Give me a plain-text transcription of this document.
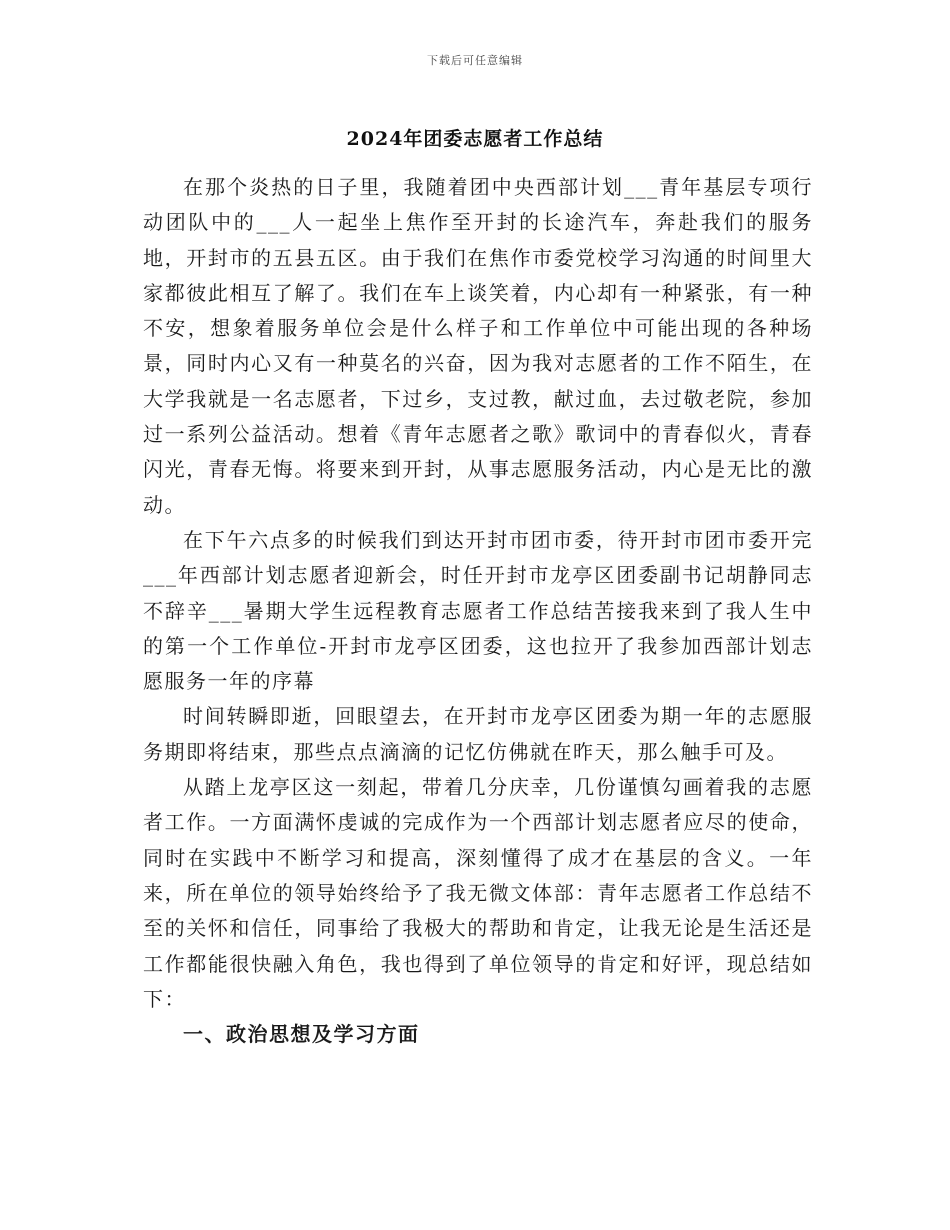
下载后可任意编辑
2024年团委志愿者工作总结

在那个炎热的日子里，我随着团中央西部计划___青年基层专项行动团队中的___人一起坐上焦作至开封的长途汽车，奔赴我们的服务地，开封市的五县五区。由于我们在焦作市委党校学习沟通的时间里大家都彼此相互了解了。我们在车上谈笑着，内心却有一种紧张，有一种不安，想象着服务单位会是什么样子和工作单位中可能出现的各种场景，同时内心又有一种莫名的兴奋，因为我对志愿者的工作不陌生，在大学我就是一名志愿者，下过乡，支过教，献过血，去过敬老院，参加过一系列公益活动。想着《青年志愿者之歌》歌词中的青春似火，青春闪光，青春无悔。将要来到开封，从事志愿服务活动，内心是无比的激动。

在下午六点多的时候我们到达开封市团市委，待开封市团市委开完___年西部计划志愿者迎新会，时任开封市龙亭区团委副书记胡静同志不辞辛___暑期大学生远程教育志愿者工作总结苦接我来到了我人生中的第一个工作单位-开封市龙亭区团委，这也拉开了我参加西部计划志愿服务一年的序幕

时间转瞬即逝，回眼望去，在开封市龙亭区团委为期一年的志愿服务期即将结束，那些点点滴滴的记忆仿佛就在昨天，那么触手可及。

从踏上龙亭区这一刻起，带着几分庆幸，几份谨慎勾画着我的志愿者工作。一方面满怀虔诚的完成作为一个西部计划志愿者应尽的使命，同时在实践中不断学习和提高，深刻懂得了成才在基层的含义。一年来，所在单位的领导始终给予了我无微文体部：青年志愿者工作总结不至的关怀和信任，同事给了我极大的帮助和肯定，让我无论是生活还是工作都能很快融入角色，我也得到了单位领导的肯定和好评，现总结如下：

一、政治思想及学习方面
